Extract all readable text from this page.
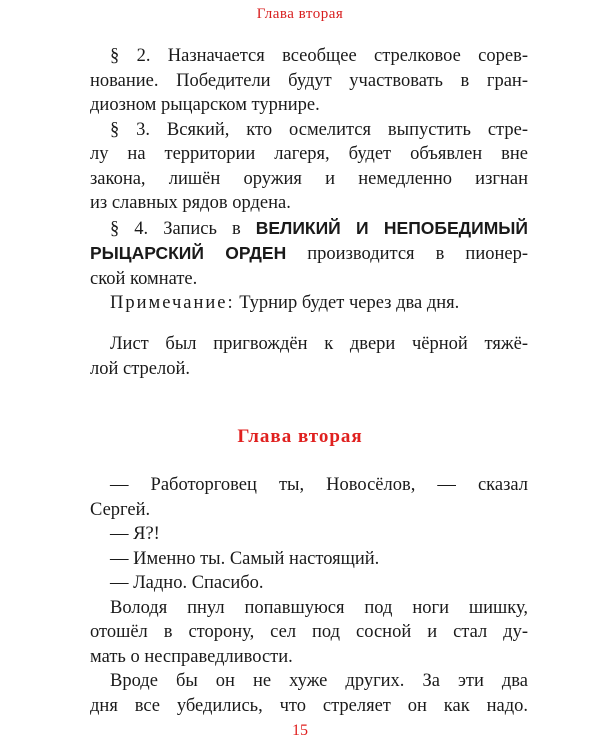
Глава вторая
§ 2. Назначается всеобщее стрелковое сорев-
нование. Победители будут участвовать в гран-
диозном рыцарском турнире.
§ 3. Всякий, кто осмелится выпустить стре-
лу на территории лагеря, будет объявлен вне
закона, лишён оружия и немедленно изгнан
из славных рядов ордена.
§ 4. Запись в ВЕЛИКИЙ И НЕПОБЕДИМЫЙ
РЫЦАРСКИЙ ОРДЕН производится в пионер-
ской комнате.
Примечание: Турнир будет через два дня.
Лист был пригвождён к двери чёрной тяжё-
лой стрелой.
Глава вторая
— Работорговец ты, Новосёлов, — сказал
Сергей.
— Я?!
— Именно ты. Самый настоящий.
— Ладно. Спасибо.
Володя пнул попавшуюся под ноги шишку,
отошёл в сторону, сел под сосной и стал ду-
мать о несправедливости.
Вроде бы он не хуже других. За эти два
дня все убедились, что стреляет он как надо.
15
